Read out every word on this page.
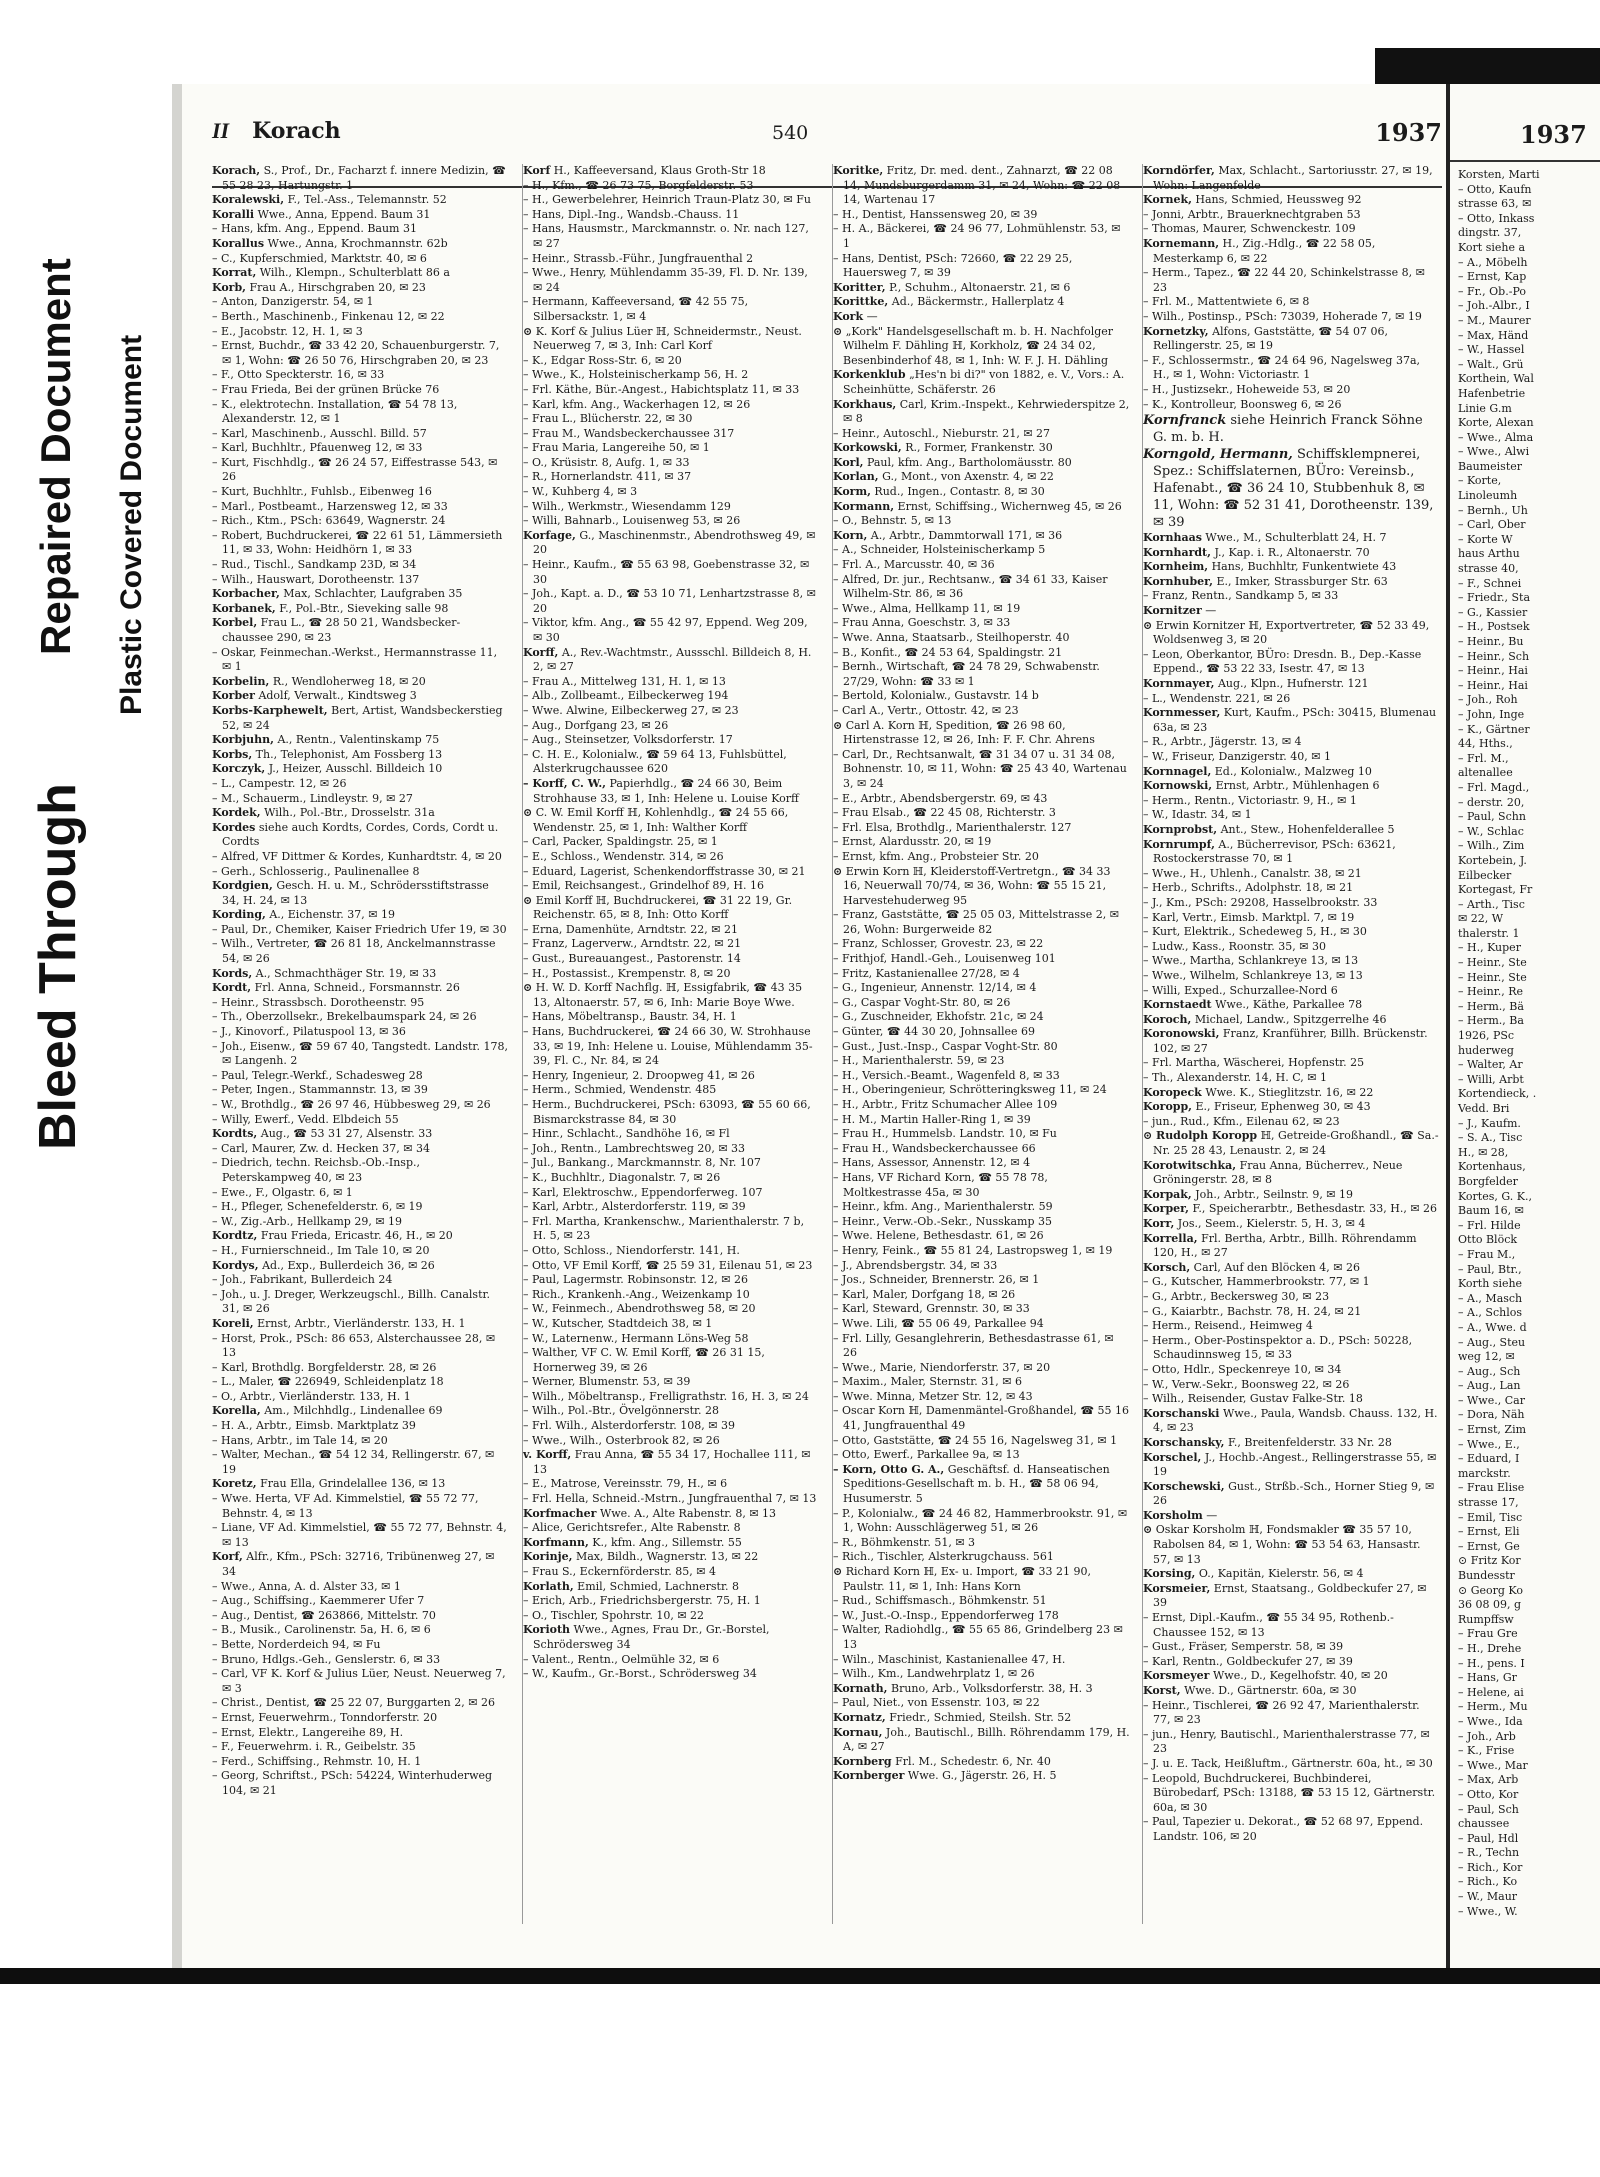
Bleed Through
Repaired Document Plastic Covered Document
II Korach	540	1937

Korach, S., Prof., Dr., Facharzt f. innere Medizin, ☎ 55 28 23, Hartungstr. 1

Koralewski, F., Tel.-Ass., Telemannstr. 52

Koralli Wwe., Anna, Eppend. Baum 31

– Hans, kfm. Ang., Eppend. Baum 31

Korallus Wwe., Anna, Krochmannstr. 62b

– C., Kupferschmied, Marktstr. 40, ✉ 6

Korrat, Wilh., Klempn., Schulterblatt 86 a

Korb, Frau A., Hirschgraben 20, ✉ 23

– Anton, Danzigerstr. 54, ✉ 1

– Berth., Maschinenb., Finkenau 12, ✉ 22

– E., Jacobstr. 12, H. 1, ✉ 3

– Ernst, Buchdr., ☎ 33 42 20, Schauenburgerstr. 7, ✉ 1, Wohn: ☎ 26 50 76, Hirschgraben 20, ✉ 23

– F., Otto Speckterstr. 16, ✉ 33

– Frau Frieda, Bei der grünen Brücke 76

– K., elektrotechn. Installation, ☎ 54 78 13, Alexanderstr. 12, ✉ 1

– Karl, Maschinenb., Ausschl. Billd. 57

– Karl, Buchhltr., Pfauenweg 12, ✉ 33

– Kurt, Fischhdlg., ☎ 26 24 57, Eiffestrasse 543, ✉ 26

– Kurt, Buchhltr., Fuhlsb., Eibenweg 16

– Marl., Postbeamt., Harzensweg 12, ✉ 33

– Rich., Ktm., PSch: 63649, Wagnerstr. 24

– Robert, Buchdruckerei, ☎ 22 61 51, Lämmersieth 11, ✉ 33, Wohn: Heidhörn 1, ✉ 33

– Rud., Tischl., Sandkamp 23D, ✉ 34

– Wilh., Hauswart, Dorotheenstr. 137

Korbacher, Max, Schlachter, Laufgraben 35

Korbanek, F., Pol.-Btr., Sieveking salle 98

Korbel, Frau L., ☎ 28 50 21, Wandsbecker-chaussee 290, ✉ 23

– Oskar, Feinmechan.-Werkst., Hermannstrasse 11, ✉ 1

Korbelin, R., Wendloherweg 18, ✉ 20

Korber Adolf, Verwalt., Kindtsweg 3

Korbs-Karphewelt, Bert, Artist, Wandsbeckerstieg 52, ✉ 24

Korbjuhn, A., Rentn., Valentinskamp 75

Korbs, Th., Telephonist, Am Fossberg 13

Korczyk, J., Heizer, Ausschl. Billdeich 10

– L., Campestr. 12, ✉ 26

– M., Schauerm., Lindleystr. 9, ✉ 27

Kordek, Wilh., Pol.-Btr., Drosselstr. 31a

Kordes siehe auch Kordts, Cordes, Cords, Cordt u. Cordts

– Alfred, ⅤF Dittmer & Kordes, Kunhardtstr. 4, ✉ 20

– Gerh., Schlosserig., Paulinenallee 8

Kordgien, Gesch. H. u. M., Schrödersstiftstrasse 34, H. 24, ✉ 13

Kording, A., Eichenstr. 37, ✉ 19

– Paul, Dr., Chemiker, Kaiser Friedrich Ufer 19, ✉ 30

– Wilh., Vertreter, ☎ 26 81 18, Anckelmannstrasse 54, ✉ 26

Kords, A., Schmachthäger Str. 19, ✉ 33

Kordt, Frl. Anna, Schneid., Forsmannstr. 26

– Heinr., Strassbsch. Dorotheenstr. 95

– Th., Oberzollsekr., Brekelbaumspark 24, ✉ 26

– J., Kinovorf., Pilatuspool 13, ✉ 36

– Joh., Eisenw., ☎ 59 67 40, Tangstedt. Landstr. 178, ✉ Langenh. 2

– Paul, Telegr.-Werkf., Schadesweg 28

– Peter, Ingen., Stammannstr. 13, ✉ 39

– W., Brothdlg., ☎ 26 97 46, Hübbesweg 29, ✉ 26

– Willy, Ewerf., Vedd. Elbdeich 55

Kordts, Aug., ☎ 53 31 27, Alsenstr. 33

– Carl, Maurer, Zw. d. Hecken 37, ✉ 34

– Diedrich, techn. Reichsb.-Ob.-Insp., Peterskampweg 40, ✉ 23

– Ewe., F., Olgastr. 6, ✉ 1

– H., Pfleger, Schenefelderstr. 6, ✉ 19

– W., Zig.-Arb., Hellkamp 29, ✉ 19

Kordtz, Frau Frieda, Ericastr. 46, H., ✉ 20

– H., Furnierschneid., Im Tale 10, ✉ 20

Kordys, Ad., Exp., Bullerdeich 36, ✉ 26

– Joh., Fabrikant, Bullerdeich 24

– Joh., u. J. Dreger, Werkzeugschl., Billh. Canalstr. 31, ✉ 26

Koreli, Ernst, Arbtr., Vierländerstr. 133, H. 1

– Horst, Prok., PSch: 86 653, Alsterchaussee 28, ✉ 13

– Karl, Brothdlg. Borgfelderstr. 28, ✉ 26

– L., Maler, ☎ 226949, Schleidenplatz 18

– O., Arbtr., Vierländerstr. 133, H. 1

Korella, Am., Milchhdlg., Lindenallee 69

– H. A., Arbtr., Eimsb. Marktplatz 39

– Hans, Arbtr., im Tale 14, ✉ 20

– Walter, Mechan., ☎ 54 12 34, Rellingerstr. 67, ✉ 19

Koretz, Frau Ella, Grindelallee 136, ✉ 13

– Wwe. Herta, ⅤF Ad. Kimmelstiel, ☎ 55 72 77, Behnstr. 4, ✉ 13

– Liane, ⅤF Ad. Kimmelstiel, ☎ 55 72 77, Behnstr. 4, ✉ 13

Korf, Alfr., Kfm., PSch: 32716, Tribünenweg 27, ✉ 34

– Wwe., Anna, A. d. Alster 33, ✉ 1

– Aug., Schiffsing., Kaemmerer Ufer 7

– Aug., Dentist, ☎ 263866, Mittelstr. 70

– B., Musik., Carolinenstr. 5a, H. 6, ✉ 6

– Bette, Norderdeich 94, ✉ Fu

– Bruno, Hdlgs.-Geh., Genslerstr. 6, ✉ 33

– Carl, ⅤF K. Korf & Julius Lüer, Neust. Neuerweg 7, ✉ 3

– Christ., Dentist, ☎ 25 22 07, Burggarten 2, ✉ 26

– Ernst, Feuerwehrm., Tonndorferstr. 20

– Ernst, Elektr., Langereihe 89, H.

– F., Feuerwehrm. i. R., Geibelstr. 35

– Ferd., Schiffsing., Rehmstr. 10, H. 1

– Georg, Schriftst., PSch: 54224, Winterhuderweg 104, ✉ 21

Korf H., Kaffeeversand, Klaus Groth-Str 18

– H., Kfm., ☎ 26 73 75, Borgfelderstr. 53

– H., Gewerbelehrer, Heinrich Traun-Platz 30, ✉ Fu

– Hans, Dipl.-Ing., Wandsb.-Chauss. 11

– Hans, Hausmstr., Marckmannstr. o. Nr. nach 127, ✉ 27

– Heinr., Strassb.-Führ., Jungfrauenthal 2

– Wwe., Henry, Mühlendamm 35-39, Fl. D. Nr. 139, ✉ 24

– Hermann, Kaffeeversand, ☎ 42 55 75, Silbersackstr. 1, ✉ 4

⊙ K. Korf & Julius Lüer ℍ, Schneidermstr., Neust. Neuerweg 7, ✉ 3, Inh: Carl Korf

– K., Edgar Ross-Str. 6, ✉ 20

– Wwe., K., Holsteinischerkamp 56, H. 2

– Frl. Käthe, Bür.-Angest., Habichtsplatz 11, ✉ 33

– Karl, kfm. Ang., Wackerhagen 12, ✉ 26

– Frau L., Blücherstr. 22, ✉ 30

– Frau M., Wandsbeckerchaussee 317

– Frau Maria, Langereihe 50, ✉ 1

– O., Krüsistr. 8, Aufg. 1, ✉ 33

– R., Hornerlandstr. 411, ✉ 37

– W., Kuhberg 4, ✉ 3

– Wilh., Werkmstr., Wiesendamm 129

– Willi, Bahnarb., Louisenweg 53, ✉ 26

Korfage, G., Maschinenmstr., Abendrothsweg 49, ✉ 20

– Heinr., Kaufm., ☎ 55 63 98, Goebenstrasse 32, ✉ 30

– Joh., Kapt. a. D., ☎ 53 10 71, Lenhartzstrasse 8, ✉ 20

– Viktor, kfm. Ang., ☎ 55 42 97, Eppend. Weg 209, ✉ 30

Korff, A., Rev.-Wachtmstr., Aussschl. Billdeich 8, H. 2, ✉ 27

– Frau A., Mittelweg 131, H. 1, ✉ 13

– Alb., Zollbeamt., Eilbeckerweg 194

– Wwe. Alwine, Eilbeckerweg 27, ✉ 23

– Aug., Dorfgang 23, ✉ 26

– Aug., Steinsetzer, Volksdorferstr. 17

– C. H. E., Kolonialw., ☎ 59 64 13, Fuhlsbüttel, Alsterkrugchaussee 620

– Korff, C. W., Papierhdlg., ☎ 24 66 30, Beim Strohhause 33, ✉ 1, Inh: Helene u. Louise Korff

⊙ C. W. Emil Korff ℍ, Kohlenhdlg., ☎ 24 55 66, Wendenstr. 25, ✉ 1, Inh: Walther Korff

– Carl, Packer, Spaldingstr. 25, ✉ 1

– E., Schloss., Wendenstr. 314, ✉ 26

– Eduard, Lagerist, Schenkendorffstrasse 30, ✉ 21

– Emil, Reichsangest., Grindelhof 89, H. 16

⊙ Emil Korff ℍ, Buchdruckerei, ☎ 31 22 19, Gr. Reichenstr. 65, ✉ 8, Inh: Otto Korff

– Erna, Damenhüte, Arndtstr. 22, ✉ 21

– Franz, Lagerverw., Arndtstr. 22, ✉ 21

– Gust., Bureauangest., Pastorenstr. 14

– H., Postassist., Krempenstr. 8, ✉ 20

⊙ H. W. D. Korff Nachflg. ℍ, Essigfabrik, ☎ 43 35 13, Altonaerstr. 57, ✉ 6, Inh: Marie Boye Wwe.

– Hans, Möbeltransp., Baustr. 34, H. 1

– Hans, Buchdruckerei, ☎ 24 66 30, W. Strohhause 33, ✉ 19, Inh: Helene u. Louise, Mühlendamm 35-39, Fl. C., Nr. 84, ✉ 24

– Henry, Ingenieur, 2. Droopweg 41, ✉ 26

– Herm., Schmied, Wendenstr. 485

– Herm., Buchdruckerei, PSch: 63093, ☎ 55 60 66, Bismarckstrasse 84, ✉ 30

– Hinr., Schlacht., Sandhöhe 16, ✉ Fl

– Joh., Rentn., Lambrechtsweg 20, ✉ 33

– Jul., Bankang., Marckmannstr. 8, Nr. 107

– K., Buchhltr., Diagonalstr. 7, ✉ 26

– Karl, Elektroschw., Eppendorferweg. 107

– Karl, Arbtr., Alsterdorferstr. 119, ✉ 39

– Frl. Martha, Krankenschw., Marienthalerstr. 7 b, H. 5, ✉ 23

– Otto, Schloss., Niendorferstr. 141, H.

– Otto, ⅤF Emil Korff, ☎ 25 59 31, Eilenau 51, ✉ 23

– Paul, Lagermstr. Robinsonstr. 12, ✉ 26

– Rich., Krankenh.-Ang., Weizenkamp 10

– W., Feinmech., Abendrothsweg 58, ✉ 20

– W., Kutscher, Stadtdeich 38, ✉ 1

– W., Laternenw., Hermann Löns-Weg 58

– Walther, ⅤF C. W. Emil Korff, ☎ 26 31 15, Hornerweg 39, ✉ 26

– Werner, Blumenstr. 53, ✉ 39

– Wilh., Möbeltransp., Frelligrathstr. 16, H. 3, ✉ 24

– Wilh., Pol.-Btr., Övelgönnerstr. 28

– Frl. Wilh., Alsterdorferstr. 108, ✉ 39

– Wwe., Wilh., Osterbrook 82, ✉ 26

v. Korff, Frau Anna, ☎ 55 34 17, Hochallee 111, ✉ 13

– E., Matrose, Vereinsstr. 79, H., ✉ 6

– Frl. Hella, Schneid.-Mstrn., Jungfrauenthal 7, ✉ 13

Korfmacher Wwe. A., Alte Rabenstr. 8, ✉ 13

– Alice, Gerichtsrefer., Alte Rabenstr. 8

Korfmann, K., kfm. Ang., Sillemstr. 55

Korinje, Max, Bildh., Wagnerstr. 13, ✉ 22

– Frau S., Eckernförderstr. 85, ✉ 4

Korlath, Emil, Schmied, Lachnerstr. 8

– Erich, Arb., Friedrichsbergerstr. 75, H. 1

– O., Tischler, Spohrstr. 10, ✉ 22

Korioth Wwe., Agnes, Frau Dr., Gr.-Borstel, Schrödersweg 34

– Valent., Rentn., Oelmühle 32, ✉ 6

– W., Kaufm., Gr.-Borst., Schrödersweg 34

Koritke, Fritz, Dr. med. dent., Zahnarzt, ☎ 22 08 14, Mundsburgerdamm 31, ✉ 24, Wohn: ☎ 22 08 14, Wartenau 17

– H., Dentist, Hanssensweg 20, ✉ 39

– H. A., Bäckerei, ☎ 24 96 77, Lohmühlenstr. 53, ✉ 1

– Hans, Dentist, PSch: 72660, ☎ 22 29 25, Hauersweg 7, ✉ 39

Koritter, P., Schuhm., Altonaerstr. 21, ✉ 6

Korittke, Ad., Bäckermstr., Hallerplatz 4

Kork —

⊙ „Kork" Handelsgesellschaft m. b. H. Nachfolger Wilhelm F. Dähling ℍ, Korkholz, ☎ 24 34 02, Besenbinderhof 48, ✉ 1, Inh: W. F. J. H. Dähling

Korkenklub „Hes'n bi di?" von 1882, e. V., Vors.: A. Scheinhütte, Schäferstr. 26

Korkhaus, Carl, Krim.-Inspekt., Kehrwiederspitze 2, ✉ 8

– Heinr., Autoschl., Nieburstr. 21, ✉ 27

Korkowski, R., Former, Frankenstr. 30

Korl, Paul, kfm. Ang., Bartholomäusstr. 80

Korlan, G., Mont., von Axenstr. 4, ✉ 22

Korm, Rud., Ingen., Contastr. 8, ✉ 30

Kormann, Ernst, Schiffsing., Wichernweg 45, ✉ 26

– O., Behnstr. 5, ✉ 13

Korn, A., Arbtr., Dammtorwall 171, ✉ 36

– A., Schneider, Holsteinischerkamp 5

– Frl. A., Marcusstr. 40, ✉ 36

– Alfred, Dr. jur., Rechtsanw., ☎ 34 61 33, Kaiser Wilhelm-Str. 86, ✉ 36

– Wwe., Alma, Hellkamp 11, ✉ 19

– Frau Anna, Goeschstr. 3, ✉ 33

– Wwe. Anna, Staatsarb., Steilhoperstr. 40

– B., Konfit., ☎ 24 53 64, Spaldingstr. 21

– Bernh., Wirtschaft, ☎ 24 78 29, Schwabenstr. 27/29, Wohn: ☎ 33 ✉ 1

– Bertold, Kolonialw., Gustavstr. 14 b

– Carl A., Vertr., Ottostr. 42, ✉ 23

⊙ Carl A. Korn ℍ, Spedition, ☎ 26 98 60, Hirtenstrasse 12, ✉ 26, Inh: F. F. Chr. Ahrens

– Carl, Dr., Rechtsanwalt, ☎ 31 34 07 u. 31 34 08, Bohnenstr. 10, ✉ 11, Wohn: ☎ 25 43 40, Wartenau 3, ✉ 24

– E., Arbtr., Abendsbergerstr. 69, ✉ 43

– Frau Elsab., ☎ 22 45 08, Richterstr. 3

– Frl. Elsa, Brothdlg., Marienthalerstr. 127

– Ernst, Alardusstr. 20, ✉ 19

– Ernst, kfm. Ang., Probsteier Str. 20

⊙ Erwin Korn ℍ, Kleiderstoff-Vertretgn., ☎ 34 33 16, Neuerwall 70/74, ✉ 36, Wohn: ☎ 55 15 21, Harvestehuderweg 95

– Franz, Gaststätte, ☎ 25 05 03, Mittelstrasse 2, ✉ 26, Wohn: Burgerweide 82

– Franz, Schlosser, Grovestr. 23, ✉ 22

– Frithjof, Handl.-Geh., Louisenweg 101

– Fritz, Kastanienallee 27/28, ✉ 4

– G., Ingenieur, Annenstr. 12/14, ✉ 4

– G., Caspar Voght-Str. 80, ✉ 26

– G., Zuschneider, Ekhofstr. 21c, ✉ 24

– Günter, ☎ 44 30 20, Johnsallee 69

– Gust., Just.-Insp., Caspar Voght-Str. 80

– H., Marienthalerstr. 59, ✉ 23

– H., Versich.-Beamt., Wagenfeld 8, ✉ 33

– H., Oberingenieur, Schrötteringksweg 11, ✉ 24

– H., Arbtr., Fritz Schumacher Allee 109

– H. M., Martin Haller-Ring 1, ✉ 39

– Frau H., Hummelsb. Landstr. 10, ✉ Fu

– Frau H., Wandsbeckerchaussee 66

– Hans, Assessor, Annenstr. 12, ✉ 4

– Hans, ⅤF Richard Korn, ☎ 55 78 78, Moltkestrasse 45a, ✉ 30

– Heinr., kfm. Ang., Marienthalerstr. 59

– Heinr., Verw.-Ob.-Sekr., Nusskamp 35

– Wwe. Helene, Bethesdastr. 61, ✉ 26

– Henry, Feink., ☎ 55 81 24, Lastropsweg 1, ✉ 19

– J., Abrendsbergstr. 34, ✉ 33

– Jos., Schneider, Brennerstr. 26, ✉ 1

– Karl, Maler, Dorfgang 18, ✉ 26

– Karl, Steward, Grennstr. 30, ✉ 33

– Wwe. Lili, ☎ 55 06 49, Parkallee 94

– Frl. Lilly, Gesanglehrerin, Bethesdastrasse 61, ✉ 26

– Wwe., Marie, Niendorferstr. 37, ✉ 20

– Maxim., Maler, Sternstr. 31, ✉ 6

– Wwe. Minna, Metzer Str. 12, ✉ 43

– Oscar Korn ℍ, Damenmäntel-Großhandel, ☎ 55 16 41, Jungfrauenthal 49

– Otto, Gaststätte, ☎ 24 55 16, Nagelsweg 31, ✉ 1

– Otto, Ewerf., Parkallee 9a, ✉ 13

– Korn, Otto G. A., Geschäftsf. d. Hanseatischen Speditions-Gesellschaft m. b. H., ☎ 58 06 94, Husumerstr. 5

– P., Kolonialw., ☎ 24 46 82, Hammerbrookstr. 91, ✉ 1, Wohn: Ausschlägerweg 51, ✉ 26

– R., Böhmkenstr. 51, ✉ 3

– Rich., Tischler, Alsterkrugchauss. 561

⊙ Richard Korn ℍ, Ex- u. Import, ☎ 33 21 90, Paulstr. 11, ✉ 1, Inh: Hans Korn

– Rud., Schiffsmasch., Böhmkenstr. 51

– W., Just.-O.-Insp., Eppendorferweg 178

– Walter, Radiohdlg., ☎ 55 65 86, Grindelberg 23 ✉ 13

– Wiln., Maschinist, Kastanienallee 47, H.

– Wilh., Km., Landwehrplatz 1, ✉ 26

Kornath, Bruno, Arb., Volksdorferstr. 38, H. 3

– Paul, Niet., von Essenstr. 103, ✉ 22

Kornatz, Friedr., Schmied, Steilsh. Str. 52

Kornau, Joh., Bautischl., Billh. Röhrendamm 179, H. A, ✉ 27

Kornberg Frl. M., Schedestr. 6, Nr. 40

Kornberger Wwe. G., Jägerstr. 26, H. 5

Korndörfer, Max, Schlacht., Sartoriusstr. 27, ✉ 19, Wohn: Langenfelde

Kornek, Hans, Schmied, Heussweg 92

– Jonni, Arbtr., Brauerknechtgraben 53

– Thomas, Maurer, Schwenckestr. 109

Kornemann, H., Zig.-Hdlg., ☎ 22 58 05, Mesterkamp 6, ✉ 22

– Herm., Tapez., ☎ 22 44 20, Schinkelstrasse 8, ✉ 23

– Frl. M., Mattentwiete 6, ✉ 8

– Wilh., Postinsp., PSch: 73039, Hoherade 7, ✉ 19

Kornetzky, Alfons, Gaststätte, ☎ 54 07 06, Rellingerstr. 25, ✉ 19

– F., Schlossermstr., ☎ 24 64 96, Nagelsweg 37a, H., ✉ 1, Wohn: Victoriastr. 1

– H., Justizsekr., Hoheweide 53, ✉ 20

– K., Kontrolleur, Boonsweg 6, ✉ 26

Kornfranck siehe Heinrich Franck Söhne G. m. b. H.

Korngold, Hermann, Schiffsklempnerei, Spez.: Schiffslaternen, BÜro: Vereinsb., Hafenabt., ☎ 36 24 10, Stubbenhuk 8, ✉ 11, Wohn: ☎ 52 31 41, Dorotheenstr. 139, ✉ 39

Kornhaas Wwe., M., Schulterblatt 24, H. 7

Kornhardt, J., Kap. i. R., Altonaerstr. 70

Kornheim, Hans, Buchhltr, Funkentwiete 43

Kornhuber, E., Imker, Strassburger Str. 63

– Franz, Rentn., Sandkamp 5, ✉ 33

Kornitzer —

⊙ Erwin Kornitzer ℍ, Exportvertreter, ☎ 52 33 49, Woldsenweg 3, ✉ 20

– Leon, Oberkantor, BÜro: Dresdn. B., Dep.-Kasse Eppend., ☎ 53 22 33, Isestr. 47, ✉ 13

Kornmayer, Aug., Klpn., Hufnerstr. 121

– L., Wendenstr. 221, ✉ 26

Kornmesser, Kurt, Kaufm., PSch: 30415, Blumenau 63a, ✉ 23

– R., Arbtr., Jägerstr. 13, ✉ 4

– W., Friseur, Danzigerstr. 40, ✉ 1

Kornnagel, Ed., Kolonialw., Malzweg 10

Kornowski, Ernst, Arbtr., Mühlenhagen 6

– Herm., Rentn., Victoriastr. 9, H., ✉ 1

– W., Idastr. 34, ✉ 1

Kornprobst, Ant., Stew., Hohenfelderallee 5

Kornrumpf, A., Bücherrevisor, PSch: 63621, Rostockerstrasse 70, ✉ 1

– Wwe., H., Uhlenh., Canalstr. 38, ✉ 21

– Herb., Schrifts., Adolphstr. 18, ✉ 21

– J., Km., PSch: 29208, Hasselbrookstr. 33

– Karl, Vertr., Eimsb. Marktpl. 7, ✉ 19

– Kurt, Elektrik., Schedeweg 5, H., ✉ 30

– Ludw., Kass., Roonstr. 35, ✉ 30

– Wwe., Martha, Schlankreye 13, ✉ 13

– Wwe., Wilhelm, Schlankreye 13, ✉ 13

– Willi, Exped., Schurzallee-Nord 6

Kornstaedt Wwe., Käthe, Parkallee 78

Koroch, Michael, Landw., Spitzgerrelhe 46

Koronowski, Franz, Kranführer, Billh. Brückenstr. 102, ✉ 27

– Frl. Martha, Wäscherei, Hopfenstr. 25

– Th., Alexanderstr. 14, H. C, ✉ 1

Koropeck Wwe. K., Stieglitzstr. 16, ✉ 22

Koropp, E., Friseur, Ephenweg 30, ✉ 43

– jun., Rud., Kfm., Eilenau 62, ✉ 23

⊙ Rudolph Koropp ℍ, Getreide-Großhandl., ☎ Sa.-Nr. 25 28 43, Lenaustr. 2, ✉ 24

Korotwitschka, Frau Anna, Bücherrev., Neue Gröningerstr. 28, ✉ 8

Korpak, Joh., Arbtr., Seilnstr. 9, ✉ 19

Korper, F., Speicherarbtr., Bethesdastr. 33, H., ✉ 26

Korr, Jos., Seem., Kielerstr. 5, H. 3, ✉ 4

Korrella, Frl. Bertha, Arbtr., Billh. Röhrendamm 120, H., ✉ 27

Korsch, Carl, Auf den Blöcken 4, ✉ 26

– G., Kutscher, Hammerbrookstr. 77, ✉ 1

– G., Arbtr., Beckersweg 30, ✉ 23

– G., Kaiarbtr., Bachstr. 78, H. 24, ✉ 21

– Herm., Reisend., Heimweg 4

– Herm., Ober-Postinspektor a. D., PSch: 50228, Schaudinnsweg 15, ✉ 33

– Otto, Hdlr., Speckenreye 10, ✉ 34

– W., Verw.-Sekr., Boonsweg 22, ✉ 26

– Wilh., Reisender, Gustav Falke-Str. 18

Korschanski Wwe., Paula, Wandsb. Chauss. 132, H. 4, ✉ 23

Korschansky, F., Breitenfelderstr. 33 Nr. 28

Korschel, J., Hochb.-Angest., Rellingerstrasse 55, ✉ 19

Korschewski, Gust., Strßb.-Sch., Horner Stieg 9, ✉ 26

Korsholm —

⊙ Oskar Korsholm ℍ, Fondsmakler ☎ 35 57 10, Rabolsen 84, ✉ 1, Wohn: ☎ 53 54 63, Hansastr. 57, ✉ 13

Korsing, O., Kapitän, Kielerstr. 56, ✉ 4

Korsmeier, Ernst, Staatsang., Goldbeckufer 27, ✉ 39

– Ernst, Dipl.-Kaufm., ☎ 55 34 95, Rothenb.-Chaussee 152, ✉ 13

– Gust., Fräser, Semperstr. 58, ✉ 39

– Karl, Rentn., Goldbeckufer 27, ✉ 39

Korsmeyer Wwe., D., Kegelhofstr. 40, ✉ 20

Korst, Wwe. D., Gärtnerstr. 60a, ✉ 30

– Heinr., Tischlerei, ☎ 26 92 47, Marienthalerstr. 77, ✉ 23

– jun., Henry, Bautischl., Marienthalerstrasse 77, ✉ 23

– J. u. E. Tack, Heißluftm., Gärtnerstr. 60a, ht., ✉ 30

– Leopold, Buchdruckerei, Buchbinderei, Bürobedarf, PSch: 13188, ☎ 53 15 12, Gärtnerstr. 60a, ✉ 30

– Paul, Tapezier u. Dekorat., ☎ 52 68 97, Eppend. Landstr. 106, ✉ 20

1937
Korsten, Marti
– Otto, Kaufn
strasse 63, ✉
– Otto, Inkass
dingstr. 37,
Kort siehe a
– A., Möbelh
– Ernst, Kap
– Fr., Ob.-Po
– Joh.-Albr., I
– M., Maurer
– Max, Händ
– W., Hassel
– Walt., Grü
Korthein, Wal
Hafenbetrie
Linie G.m
Korte, Alexan
– Wwe., Alma
– Wwe., Alwi
Baumeister
– Korte,
Linoleumh
– Bernh., Uh
– Carl, Ober
– Korte W
haus Arthu
strasse 40,
– F., Schnei
– Friedr., Sta
– G., Kassier
– H., Postsek
– Heinr., Bu
– Heinr., Sch
– Heinr., Hai
– Heinr., Hai
– Joh., Roh
– John, Inge
– K., Gärtner
44, Hths.,
– Frl. M.,
altenallee
– Frl. Magd.,
– derstr. 20,
– Paul, Schn
– W., Schlac
– Wilh., Zim
Kortebein, J.
Eilbecker
Kortegast, Fr
– Arth., Tisc
✉ 22, W
thalerstr. 1
– H., Kuper
– Heinr., Ste
– Heinr., Ste
– Heinr., Re
– Herm., Bä
– Herm., Ba
1926, PSc
huderweg
– Walter, Ar
– Willi, Arbt
Kortendieck, .
Vedd. Bri
– J., Kaufm.
– S. A., Tisc
H., ✉ 28,
Kortenhaus,
Borgfelder
Kortes, G. K.,
Baum 16, ✉
– Frl. Hilde
Otto Blöck
– Frau M.,
– Paul, Btr.,
Korth siehe
– A., Masch
– A., Schlos
– A., Wwe. d
– Aug., Steu
weg 12, ✉
– Aug., Sch
– Aug., Lan
– Wwe., Car
– Dora, Näh
– Ernst, Zim
– Wwe., E.,
– Eduard, I
marckstr.
– Frau Elise
strasse 17,
– Emil, Tisc
– Ernst, Eli
– Ernst, Ge
⊙ Fritz Kor
Bundesstr
⊙ Georg Ko
36 08 09, g
Rumpffsw
– Frau Gre
– H., Drehe
– H., pens. I
– Hans, Gr
– Helene, ai
– Herm., Mu
– Wwe., Ida
– Joh., Arb
– K., Frise
– Wwe., Mar
– Max, Arb
– Otto, Kor
– Paul, Sch
chaussee
– Paul, Hdl
– R., Techn
– Rich., Kor
– Rich., Ko
– W., Maur
– Wwe., W.
